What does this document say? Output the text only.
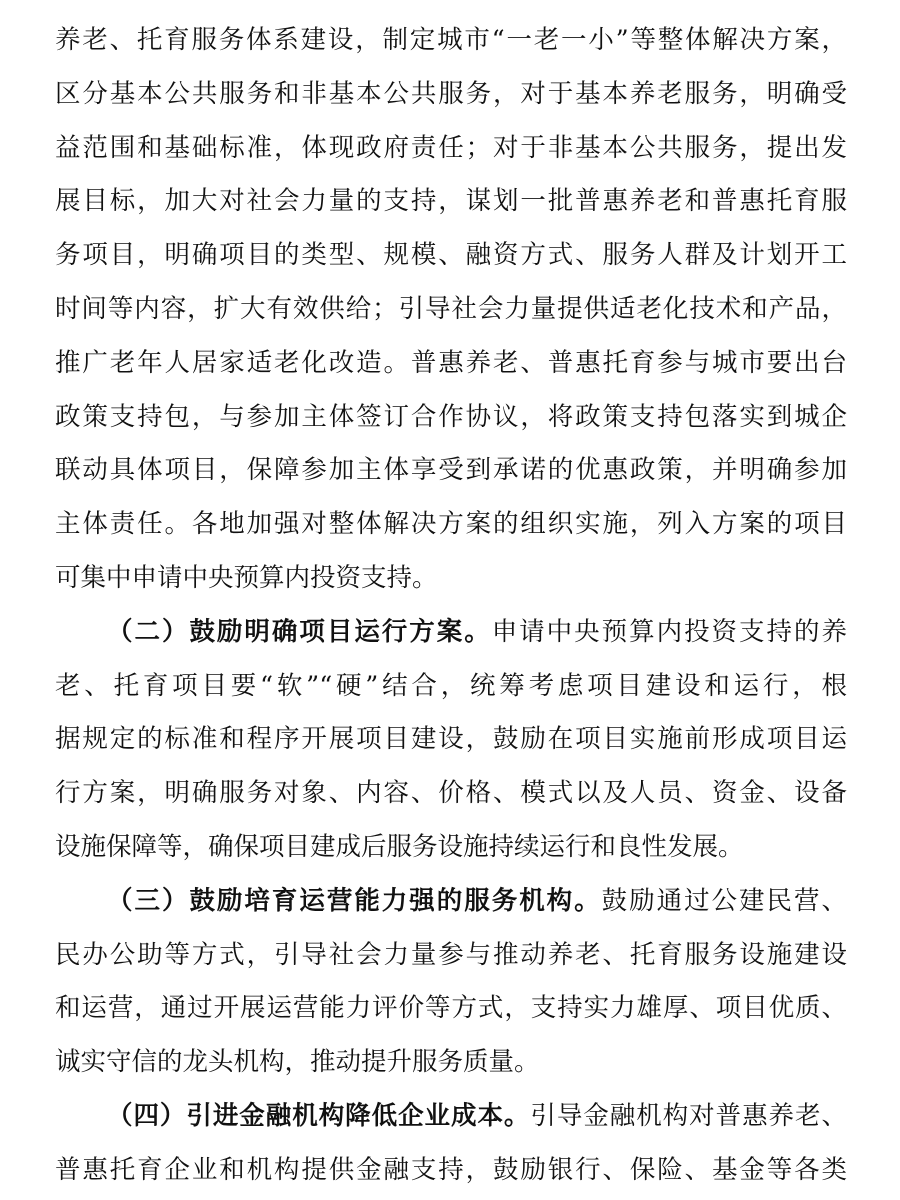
养老、托育服务体系建设，制定城市“一老一小”等整体解决方案，
区分基本公共服务和非基本公共服务，对于基本养老服务，明确受
益范围和基础标准，体现政府责任；对于非基本公共服务，提出发
展目标，加大对社会力量的支持，谋划一批普惠养老和普惠托育服
务项目，明确项目的类型、规模、融资方式、服务人群及计划开工
时间等内容，扩大有效供给；引导社会力量提供适老化技术和产品，
推广老年人居家适老化改造。普惠养老、普惠托育参与城市要出台
政策支持包，与参加主体签订合作协议，将政策支持包落实到城企
联动具体项目，保障参加主体享受到承诺的优惠政策，并明确参加
主体责任。各地加强对整体解决方案的组织实施，列入方案的项目
可集中申请中央预算内投资支持。
（二）鼓励明确项目运行方案。申请中央预算内投资支持的养
老、托育项目要“软”“硬”结合，统筹考虑项目建设和运行，根
据规定的标准和程序开展项目建设，鼓励在项目实施前形成项目运
行方案，明确服务对象、内容、价格、模式以及人员、资金、设备
设施保障等，确保项目建成后服务设施持续运行和良性发展。
（三）鼓励培育运营能力强的服务机构。鼓励通过公建民营、
民办公助等方式，引导社会力量参与推动养老、托育服务设施建设
和运营，通过开展运营能力评价等方式，支持实力雄厚、项目优质、
诚实守信的龙头机构，推动提升服务质量。
（四）引进金融机构降低企业成本。引导金融机构对普惠养老、
普惠托育企业和机构提供金融支持，鼓励银行、保险、基金等各类
